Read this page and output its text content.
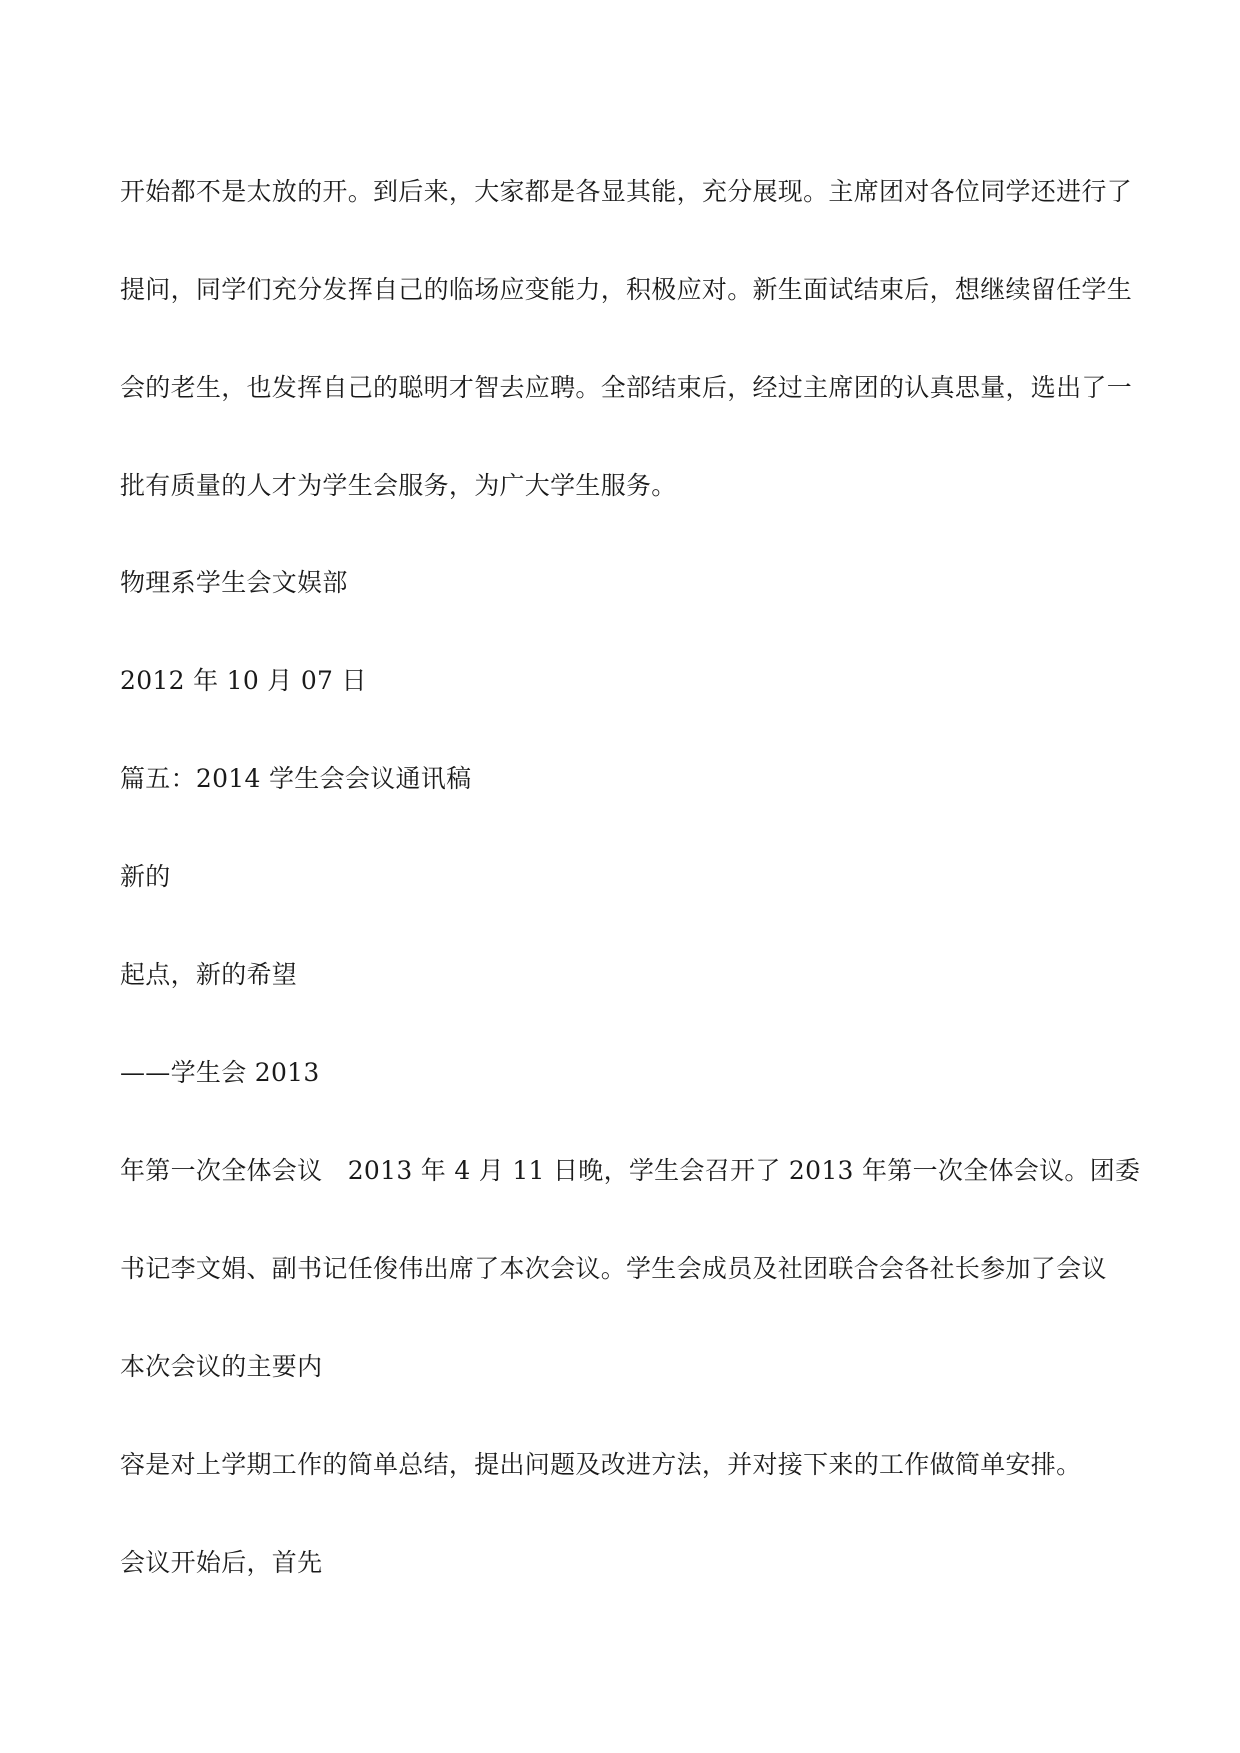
开始都不是太放的开。到后来，大家都是各显其能，充分展现。主席团对各位同学还进行了

提问，同学们充分发挥自己的临场应变能力，积极应对。新生面试结束后，想继续留任学生

会的老生，也发挥自己的聪明才智去应聘。全部结束后，经过主席团的认真思量，选出了一

批有质量的人才为学生会服务，为广大学生服务。

物理系学生会文娱部

2012 年 10 月 07 日

篇五：2014 学生会会议通讯稿

新的

起点，新的希望

——学生会 2013

年第一次全体会议　2013 年 4 月 11 日晚，学生会召开了 2013 年第一次全体会议。团委

书记李文娟、副书记任俊伟出席了本次会议。学生会成员及社团联合会各社长参加了会议

本次会议的主要内

容是对上学期工作的简单总结，提出问题及改进方法，并对接下来的工作做简单安排。

会议开始后，首先
